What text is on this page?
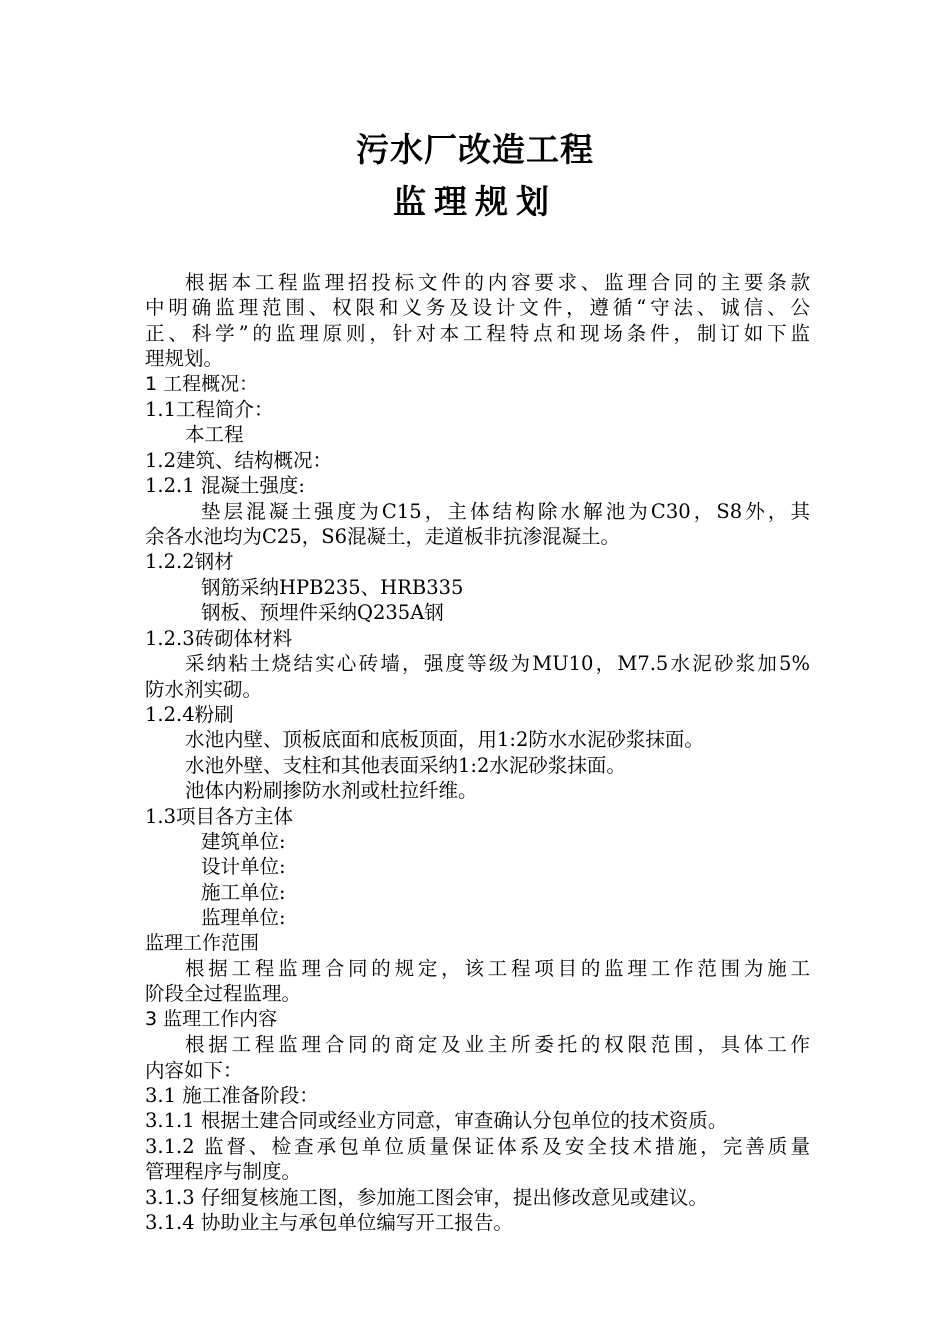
污水厂改造工程
监理规划

根据本工程监理招投标文件的内容要求、监理合同的主要条款

中明确监理范围、权限和义务及设计文件，遵循“守法、诚信、公

正、科学”的监理原则，针对本工程特点和现场条件，制订如下监

理规划。

1 工程概况：

1.1工程简介：

本工程

1.2建筑、结构概况：

1.2.1 混凝土强度:

垫层混凝土强度为C15，主体结构除水解池为C30，S8外，其

余各水池均为C25，S6混凝土，走道板非抗渗混凝土。

1.2.2钢材

钢筋采纳HPB235、HRB335

钢板、预埋件采纳Q235A钢

1.2.3砖砌体材料

采纳粘土烧结实心砖墙，强度等级为MU10，M7.5水泥砂浆加5%

防水剂实砌。

1.2.4粉刷

水池内壁、顶板底面和底板顶面，用1:2防水水泥砂浆抹面。

水池外壁、支柱和其他表面采纳1:2水泥砂浆抹面。

池体内粉刷掺防水剂或杜拉纤维。

1.3项目各方主体

建筑单位:

设计单位:

施工单位:

监理单位:

监理工作范围

根据工程监理合同的规定，该工程项目的监理工作范围为施工

阶段全过程监理。

3 监理工作内容

根据工程监理合同的商定及业主所委托的权限范围，具体工作

内容如下：

3.1 施工准备阶段：

3.1.1 根据土建合同或经业方同意，审查确认分包单位的技术资质。

3.1.2 监督、检查承包单位质量保证体系及安全技术措施，完善质量

管理程序与制度。

3.1.3 仔细复核施工图，参加施工图会审，提出修改意见或建议。

3.1.4 协助业主与承包单位编写开工报告。
